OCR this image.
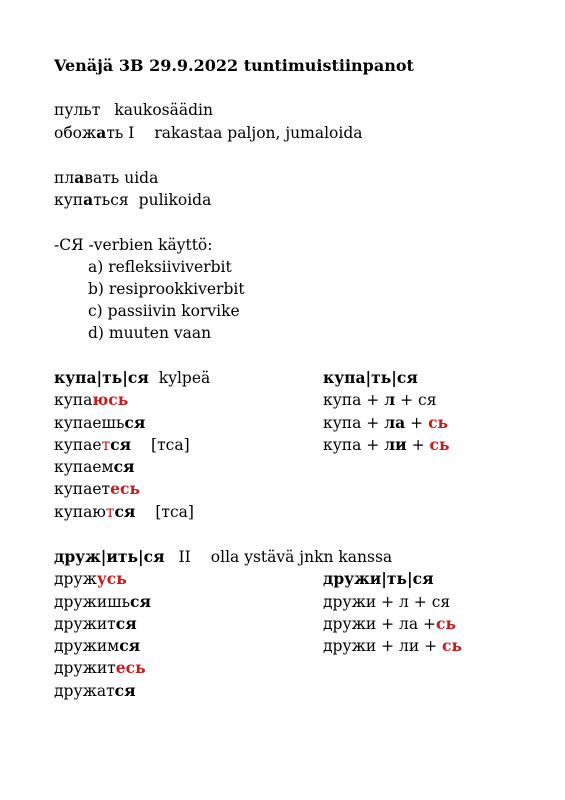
Venäjä 3B 29.9.2022 tuntimuistiinpanot
пульт kaukosäädin
обожать I rakastaa paljon, jumaloida
плавать uida
купаться pulikoida
-СЯ -verbien käyttö:
a) refleksiiviverbit
b) resiprookkiverbit
c) passiivin korvike
d) muuten vaan
купа|ть|ся kylpeä
купаюсь
купаешься
купается [тса]
купаемся
купаетесь
купаются [тса]
купа|ть|ся
купа + л + ся
купа + ла + сь
купа + ли + сь
друж|ить|ся II olla ystävä jnkn kanssa
дружусь
дружишься
дружится
дружимся
дружитесь
дружатся
дружи|ть|ся
дружи + л + ся
дружи + ла +сь
дружи + ли + сь
